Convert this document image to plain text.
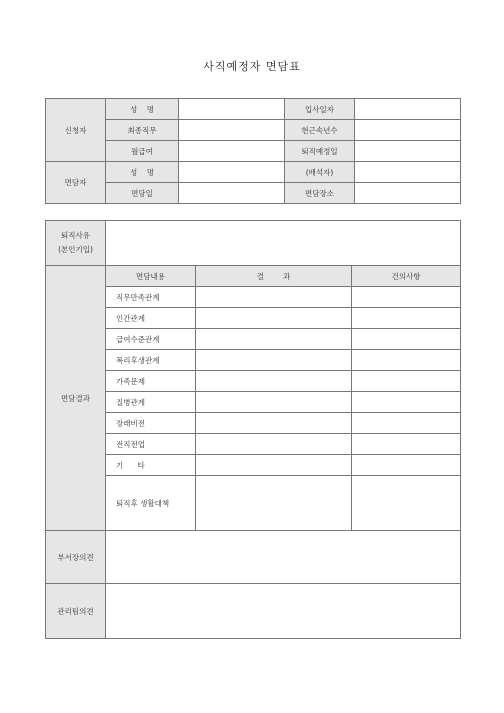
사직예정자 면담표
신청자	성    명		입사일자	
	최종직무		현근속년수	
	월급여		퇴직예정일	
면담자	성    명		(배석자)	
	면담일		면담장소	
퇴직사유
(본인기입)			

면담결과	면담내용	결        과	건의사항
	직무만족관계		
	인간관계		
	급여수준관계		
	복리후생관계		
	가족문제		
	질병관계		
	장래비전		
	전직전업		
	기      타		
	퇴직후 생활대책		
부서장의견			
관리팀의견			
